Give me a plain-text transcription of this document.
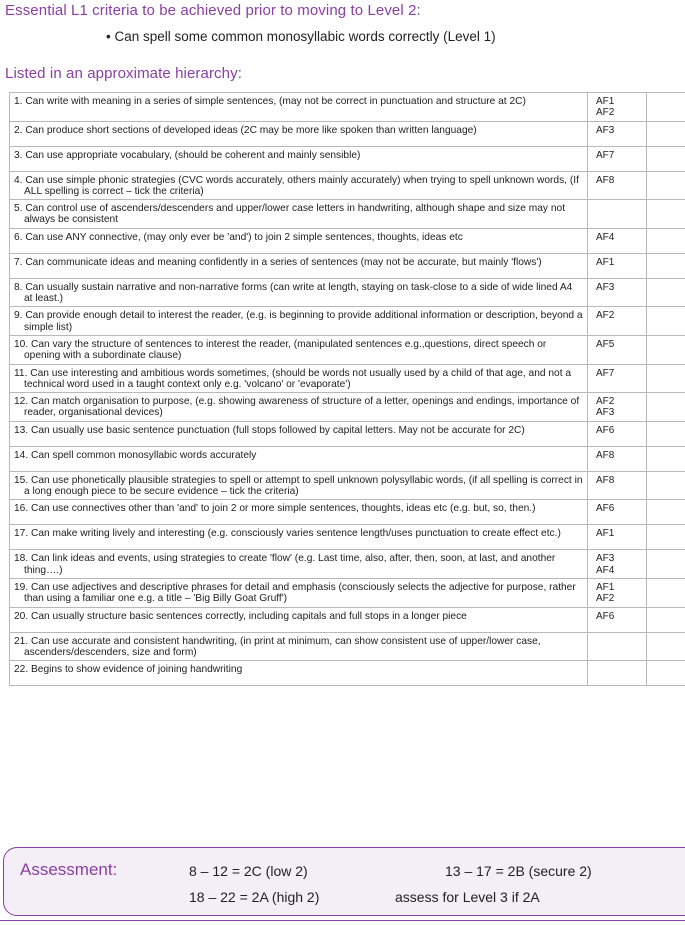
Essential L1 criteria to be achieved prior to moving to Level 2:
• Can spell some common monosyllabic words correctly (Level 1)
Listed in an approximate hierarchy:
1. Can write with meaning in a series of simple sentences, (may not be correct in punctuation and structure at 2C)	AF1
AF2	

2. Can produce short sections of developed ideas (2C may be more like spoken than written language)	AF3	

3. Can use appropriate vocabulary, (should be coherent and mainly sensible)	AF7	

4. Can use simple phonic strategies (CVC words accurately, others mainly accurately) when trying to spell unknown words, (If ALL spelling is correct – tick the criteria)	AF8	

5. Can control use of ascenders/descenders and upper/lower case letters in handwriting, although shape and size may not always be consistent		

6. Can use ANY connective, (may only ever be 'and') to join 2 simple sentences, thoughts, ideas etc	AF4	

7. Can communicate ideas and meaning confidently in a series of sentences (may not be accurate, but mainly 'flows')	AF1	

8. Can usually sustain narrative and non-narrative forms (can write at length, staying on task-close to a side of wide lined A4 at least.)	AF3	

9. Can provide enough detail to interest the reader, (e.g. is beginning to provide additional information or description, beyond a simple list)	AF2	

10. Can vary the structure of sentences to interest the reader, (manipulated sentences e.g.,questions, direct speech or opening with a subordinate clause)	AF5	

11. Can use interesting and ambitious words sometimes, (should be words not usually used by a child of that age, and not a technical word used in a taught context only e.g. 'volcano' or 'evaporate')	AF7	

12. Can match organisation to purpose, (e.g. showing awareness of structure of a letter, openings and endings, importance of reader, organisational devices)	AF2
AF3	

13. Can usually use basic sentence punctuation (full stops followed by capital letters. May not be accurate for 2C)	AF6	

14. Can spell common monosyllabic words accurately	AF8	

15. Can use phonetically plausible strategies to spell or attempt to spell unknown polysyllabic words, (if all spelling is correct in a long enough piece to be secure evidence – tick the criteria)	AF8	

16. Can use connectives other than 'and' to join 2 or more simple sentences, thoughts, ideas etc (e.g. but, so, then.)	AF6	

17. Can make writing lively and interesting (e.g. consciously varies sentence length/uses punctuation to create effect etc.)	AF1	

18. Can link ideas and events, using strategies to create 'flow' (e.g. Last time, also, after, then, soon, at last, and another thing….)	AF3
AF4	

19. Can use adjectives and descriptive phrases for detail and emphasis (consciously selects the adjective for purpose, rather than using a familiar one e.g. a title – 'Big Billy Goat Gruff')	AF1
AF2	

20. Can usually structure basic sentences correctly, including capitals and full stops in a longer piece	AF6	

21. Can use accurate and consistent handwriting, (in print at minimum, can show consistent use of upper/lower case, ascenders/descenders, size and form)		

22. Begins to show evidence of joining handwriting		

Assessment:	8 – 12 = 2C (low 2)	13 – 17 = 2B (secure 2)
18 – 22 = 2A (high 2)	assess for Level 3 if 2A
